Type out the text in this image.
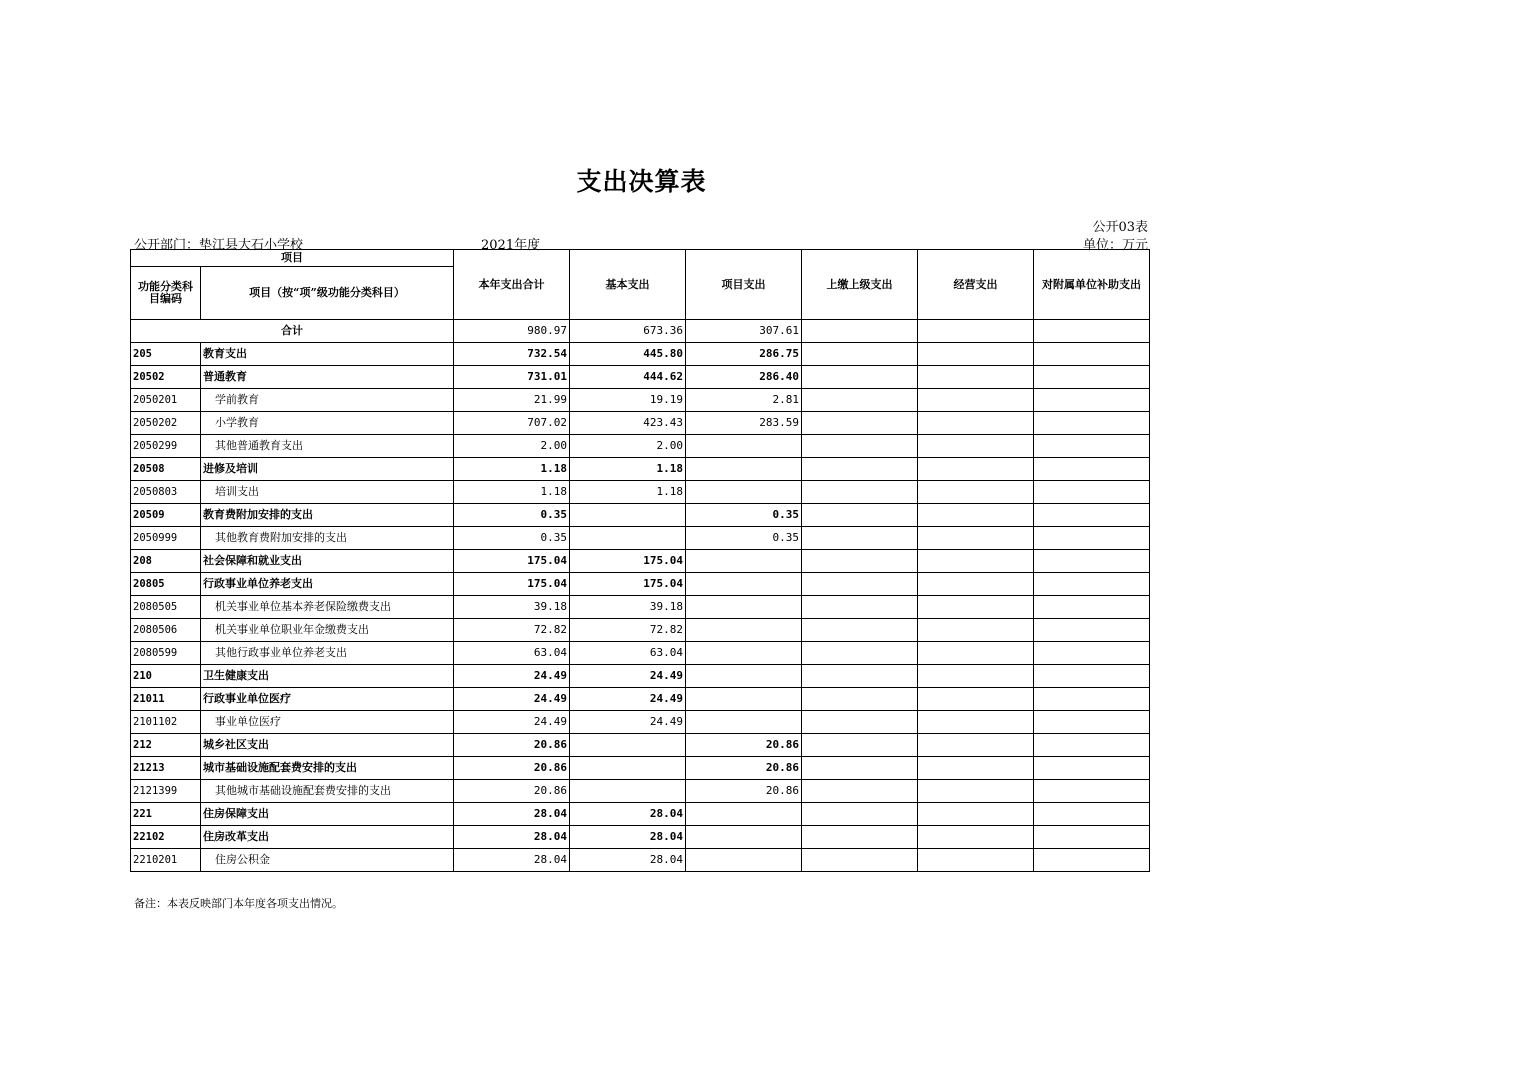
支出决算表
公开03表
公开部门：垫江县大石小学校	2021年度	单位：万元
项目		本年支出合计	基本支出	项目支出	上缴上级支出	经营支出	对附属单位补助支出
功能分类科目编码	项目（按“项”级功能分类科目）						
合计		980.97	673.36	307.61			
205	教育支出	732.54	445.80	286.75			
20502	普通教育	731.01	444.62	286.40			
2050201	学前教育	21.99	19.19	2.81			
2050202	小学教育	707.02	423.43	283.59			
2050299	其他普通教育支出	2.00	2.00				
20508	进修及培训	1.18	1.18				
2050803	培训支出	1.18	1.18				
20509	教育费附加安排的支出	0.35		0.35			
2050999	其他教育费附加安排的支出	0.35		0.35			
208	社会保障和就业支出	175.04	175.04				
20805	行政事业单位养老支出	175.04	175.04				
2080505	机关事业单位基本养老保险缴费支出	39.18	39.18				
2080506	机关事业单位职业年金缴费支出	72.82	72.82				
2080599	其他行政事业单位养老支出	63.04	63.04				
210	卫生健康支出	24.49	24.49				
21011	行政事业单位医疗	24.49	24.49				
2101102	事业单位医疗	24.49	24.49				
212	城乡社区支出	20.86		20.86			
21213	城市基础设施配套费安排的支出	20.86		20.86			
2121399	其他城市基础设施配套费安排的支出	20.86		20.86			
221	住房保障支出	28.04	28.04				
22102	住房改革支出	28.04	28.04				
2210201	住房公积金	28.04	28.04				
备注：本表反映部门本年度各项支出情况。
